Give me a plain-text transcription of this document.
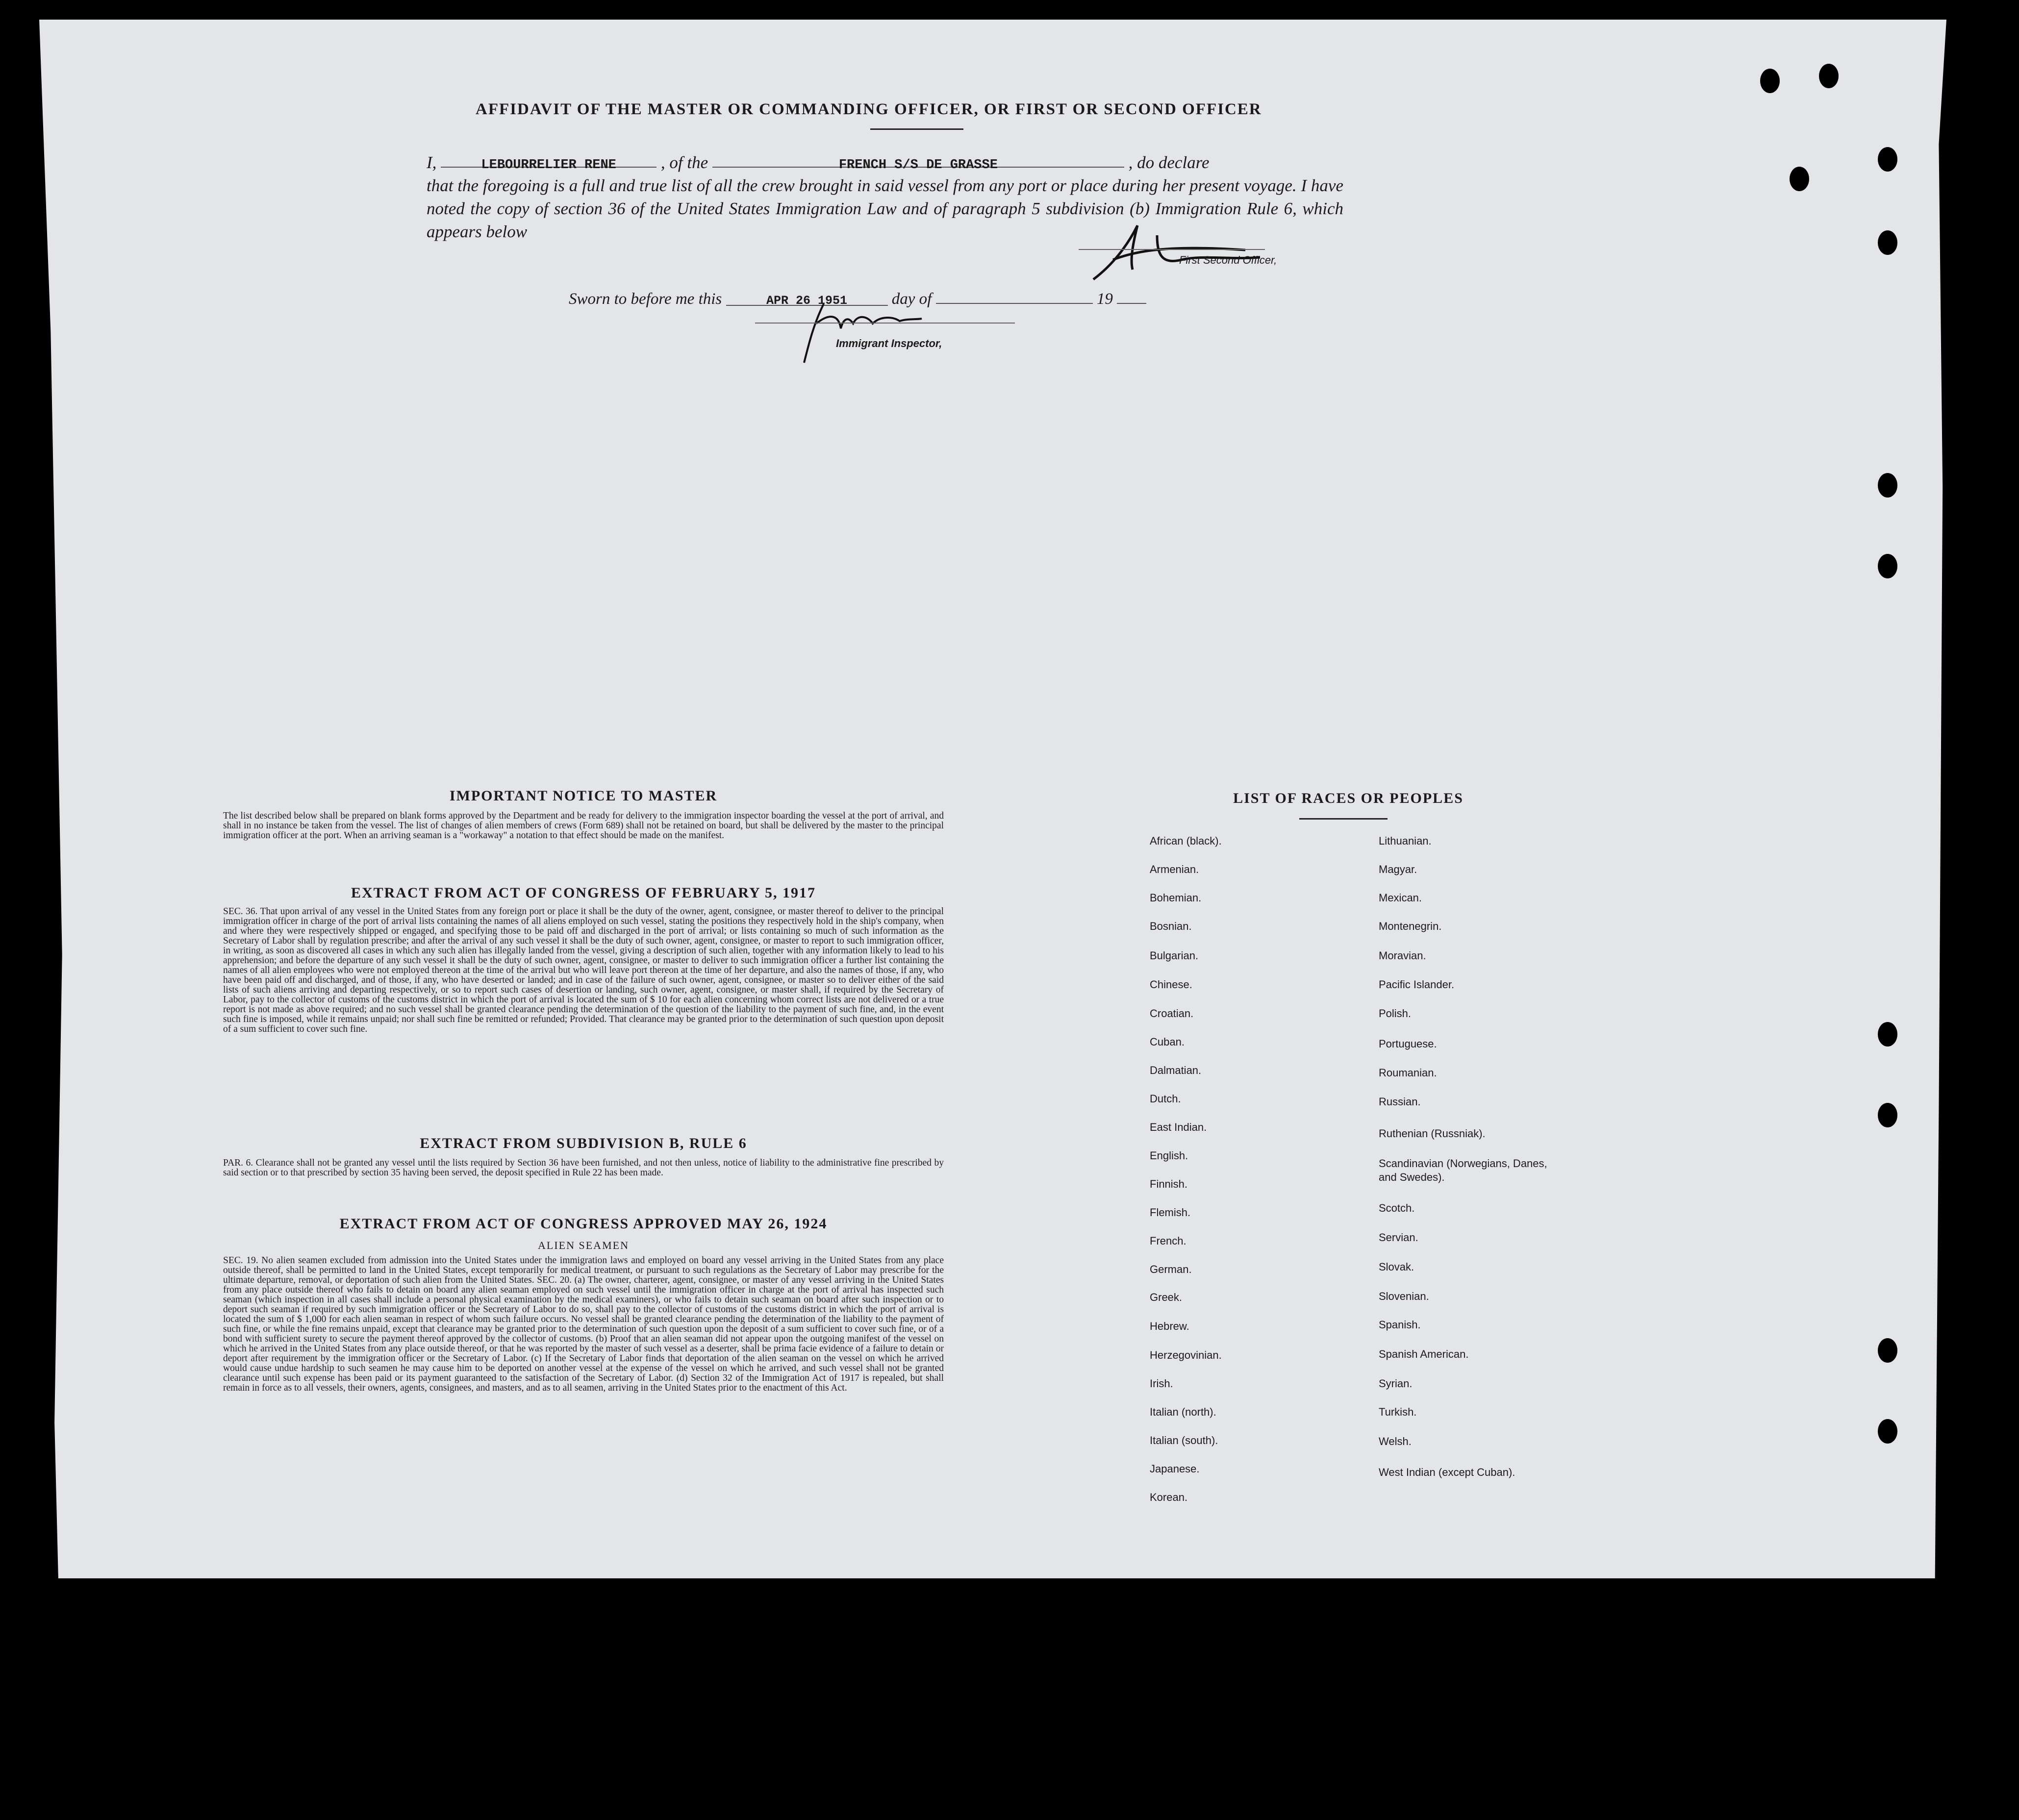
AFFIDAVIT OF THE MASTER OR COMMANDING OFFICER, OR FIRST OR SECOND OFFICER
I,	LEBOURRELIER RENE	, of the	FRENCH S/S DE GRASSE	, do declare
that the foregoing is a full and true list of all the crew brought in said vessel from any port or place during her present voyage. I have noted the copy of section 36 of the United States Immigration Law and of paragraph 5 subdivision (b) Immigration Rule 6, which appears below
First Second Officer,
Sworn to before me this	APR 26 1951	day of	19
Immigrant Inspector,
IMPORTANT NOTICE TO MASTER
The list described below shall be prepared on blank forms approved by the Department and be ready for delivery to the immigration inspector boarding the vessel at the port of arrival, and shall in no instance be taken from the vessel. The list of changes of alien members of crews (Form 689) shall not be retained on board, but shall be delivered by the master to the principal immigration officer at the port. When an arriving seaman is a "workaway" a notation to that effect should be made on the manifest.
EXTRACT FROM ACT OF CONGRESS OF FEBRUARY 5, 1917
SEC. 36. That upon arrival of any vessel in the United States from any foreign port or place it shall be the duty of the owner, agent, consignee, or master thereof to deliver to the principal immigration officer in charge of the port of arrival lists containing the names of all aliens employed on such vessel, stating the positions they respectively hold in the ship's company, when and where they were respectively shipped or engaged, and specifying those to be paid off and discharged in the port of arrival; or lists containing so much of such information as the Secretary of Labor shall by regulation prescribe; and after the arrival of any such vessel it shall be the duty of such owner, agent, consignee, or master to report to such immigration officer, in writing, as soon as discovered all cases in which any such alien has illegally landed from the vessel, giving a description of such alien, together with any information likely to lead to his apprehension; and before the departure of any such vessel it shall be the duty of such owner, agent, consignee, or master to deliver to such immigration officer a further list containing the names of all alien employees who were not employed thereon at the time of the arrival but who will leave port thereon at the time of her departure, and also the names of those, if any, who have been paid off and discharged, and of those, if any, who have deserted or landed; and in case of the failure of such owner, agent, consignee, or master so to deliver either of the said lists of such aliens arriving and departing respectively, or so to report such cases of desertion or landing, such owner, agent, consignee, or master shall, if required by the Secretary of Labor, pay to the collector of customs of the customs district in which the port of arrival is located the sum of $ 10 for each alien concerning whom correct lists are not delivered or a true report is not made as above required; and no such vessel shall be granted clearance pending the determination of the question of the liability to the payment of such fine, and, in the event such fine is imposed, while it remains unpaid; nor shall such fine be remitted or refunded; Provided. That clearance may be granted prior to the determination of such question upon deposit of a sum sufficient to cover such fine.
EXTRACT FROM SUBDIVISION B, RULE 6
PAR. 6. Clearance shall not be granted any vessel until the lists required by Section 36 have been furnished, and not then unless, notice of liability to the administrative fine prescribed by said section or to that prescribed by section 35 having been served, the deposit specified in Rule 22 has been made.
EXTRACT FROM ACT OF CONGRESS APPROVED MAY 26, 1924
ALIEN SEAMEN
SEC. 19. No alien seamen excluded from admission into the United States under the immigration laws and employed on board any vessel arriving in the United States from any place outside thereof, shall be permitted to land in the United States, except temporarily for medical treatment, or pursuant to such regulations as the Secretary of Labor may prescribe for the ultimate departure, removal, or deportation of such alien from the United States. SEC. 20. (a) The owner, charterer, agent, consignee, or master of any vessel arriving in the United States from any place outside thereof who fails to detain on board any alien seaman employed on such vessel until the immigration officer in charge at the port of arrival has inspected such seaman (which inspection in all cases shall include a personal physical examination by the medical examiners), or who fails to detain such seaman on board after such inspection or to deport such seaman if required by such immigration officer or the Secretary of Labor to do so, shall pay to the collector of customs of the customs district in which the port of arrival is located the sum of $ 1,000 for each alien seaman in respect of whom such failure occurs. No vessel shall be granted clearance pending the determination of the liability to the payment of such fine, or while the fine remains unpaid, except that clearance may be granted prior to the determination of such question upon the deposit of a sum sufficient to cover such fine, or of a bond with sufficient surety to secure the payment thereof approved by the collector of customs. (b) Proof that an alien seaman did not appear upon the outgoing manifest of the vessel on which he arrived in the United States from any place outside thereof, or that he was reported by the master of such vessel as a deserter, shall be prima facie evidence of a failure to detain or deport after requirement by the immigration officer or the Secretary of Labor. (c) If the Secretary of Labor finds that deportation of the alien seaman on the vessel on which he arrived would cause undue hardship to such seamen he may cause him to be deported on another vessel at the expense of the vessel on which he arrived, and such vessel shall not be granted clearance until such expense has been paid or its payment guaranteed to the satisfaction of the Secretary of Labor. (d) Section 32 of the Immigration Act of 1917 is repealed, but shall remain in force as to all vessels, their owners, agents, consignees, and masters, and as to all seamen, arriving in the United States prior to the enactment of this Act.
LIST OF RACES OR PEOPLES
African (black).
Armenian.
Bohemian.
Bosnian.
Bulgarian.
Chinese.
Croatian.
Cuban.
Dalmatian.
Dutch.
East Indian.
English.
Finnish.
Flemish.
French.
German.
Greek.
Hebrew.
Herzegovinian.
Irish.
Italian (north).
Italian (south).
Japanese.
Korean.
Lithuanian.
Magyar.
Mexican.
Montenegrin.
Moravian.
Pacific Islander.
Polish.
Portuguese.
Roumanian.
Russian.
Ruthenian (Russniak).
Scandinavian (Norwegians, Danes, and Swedes).
Scotch.
Servian.
Slovak.
Slovenian.
Spanish.
Spanish American.
Syrian.
Turkish.
Welsh.
West Indian (except Cuban).
